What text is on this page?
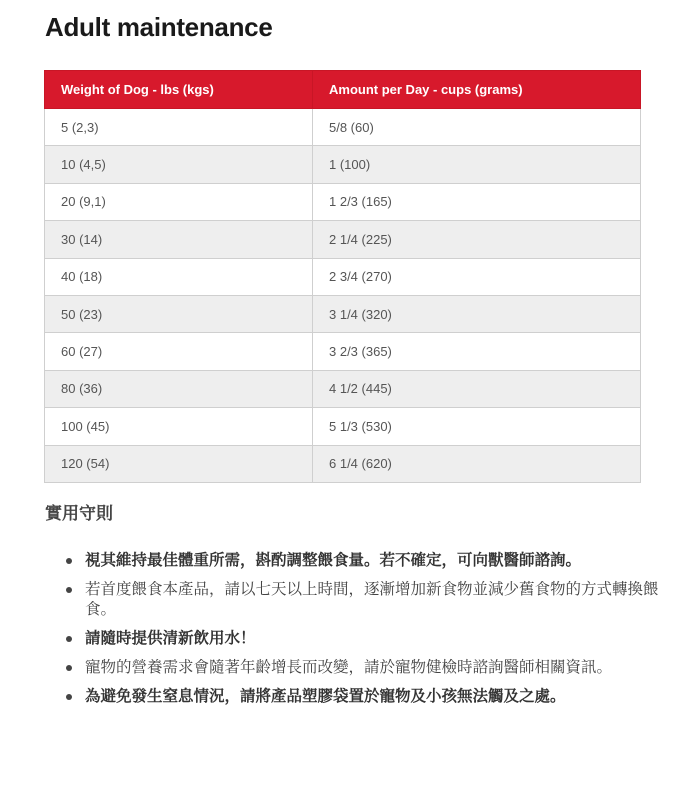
Adult maintenance
Weight of Dog - lbs (kgs)	Amount per Day - cups (grams)
5 (2,3)	5/8 (60)
10 (4,5)	1 (100)
20 (9,1)	1 2/3 (165)
30 (14)	2 1/4 (225)
40 (18)	2 3/4 (270)
50 (23)	3 1/4 (320)
60 (27)	3 2/3 (365)
80 (36)	4 1/2 (445)
100 (45)	5 1/3 (530)
120 (54)	6 1/4 (620)
實用守則
視其維持最佳體重所需，斟酌調整餵食量。若不確定，可向獸醫師諮詢。
若首度餵食本產品，請以七天以上時間，逐漸增加新食物並減少舊食物的方式轉換餵食。
請隨時提供清新飲用水！
寵物的營養需求會隨著年齡增長而改變，請於寵物健檢時諮詢醫師相關資訊。
為避免發生窒息情況，請將產品塑膠袋置於寵物及小孩無法觸及之處。
